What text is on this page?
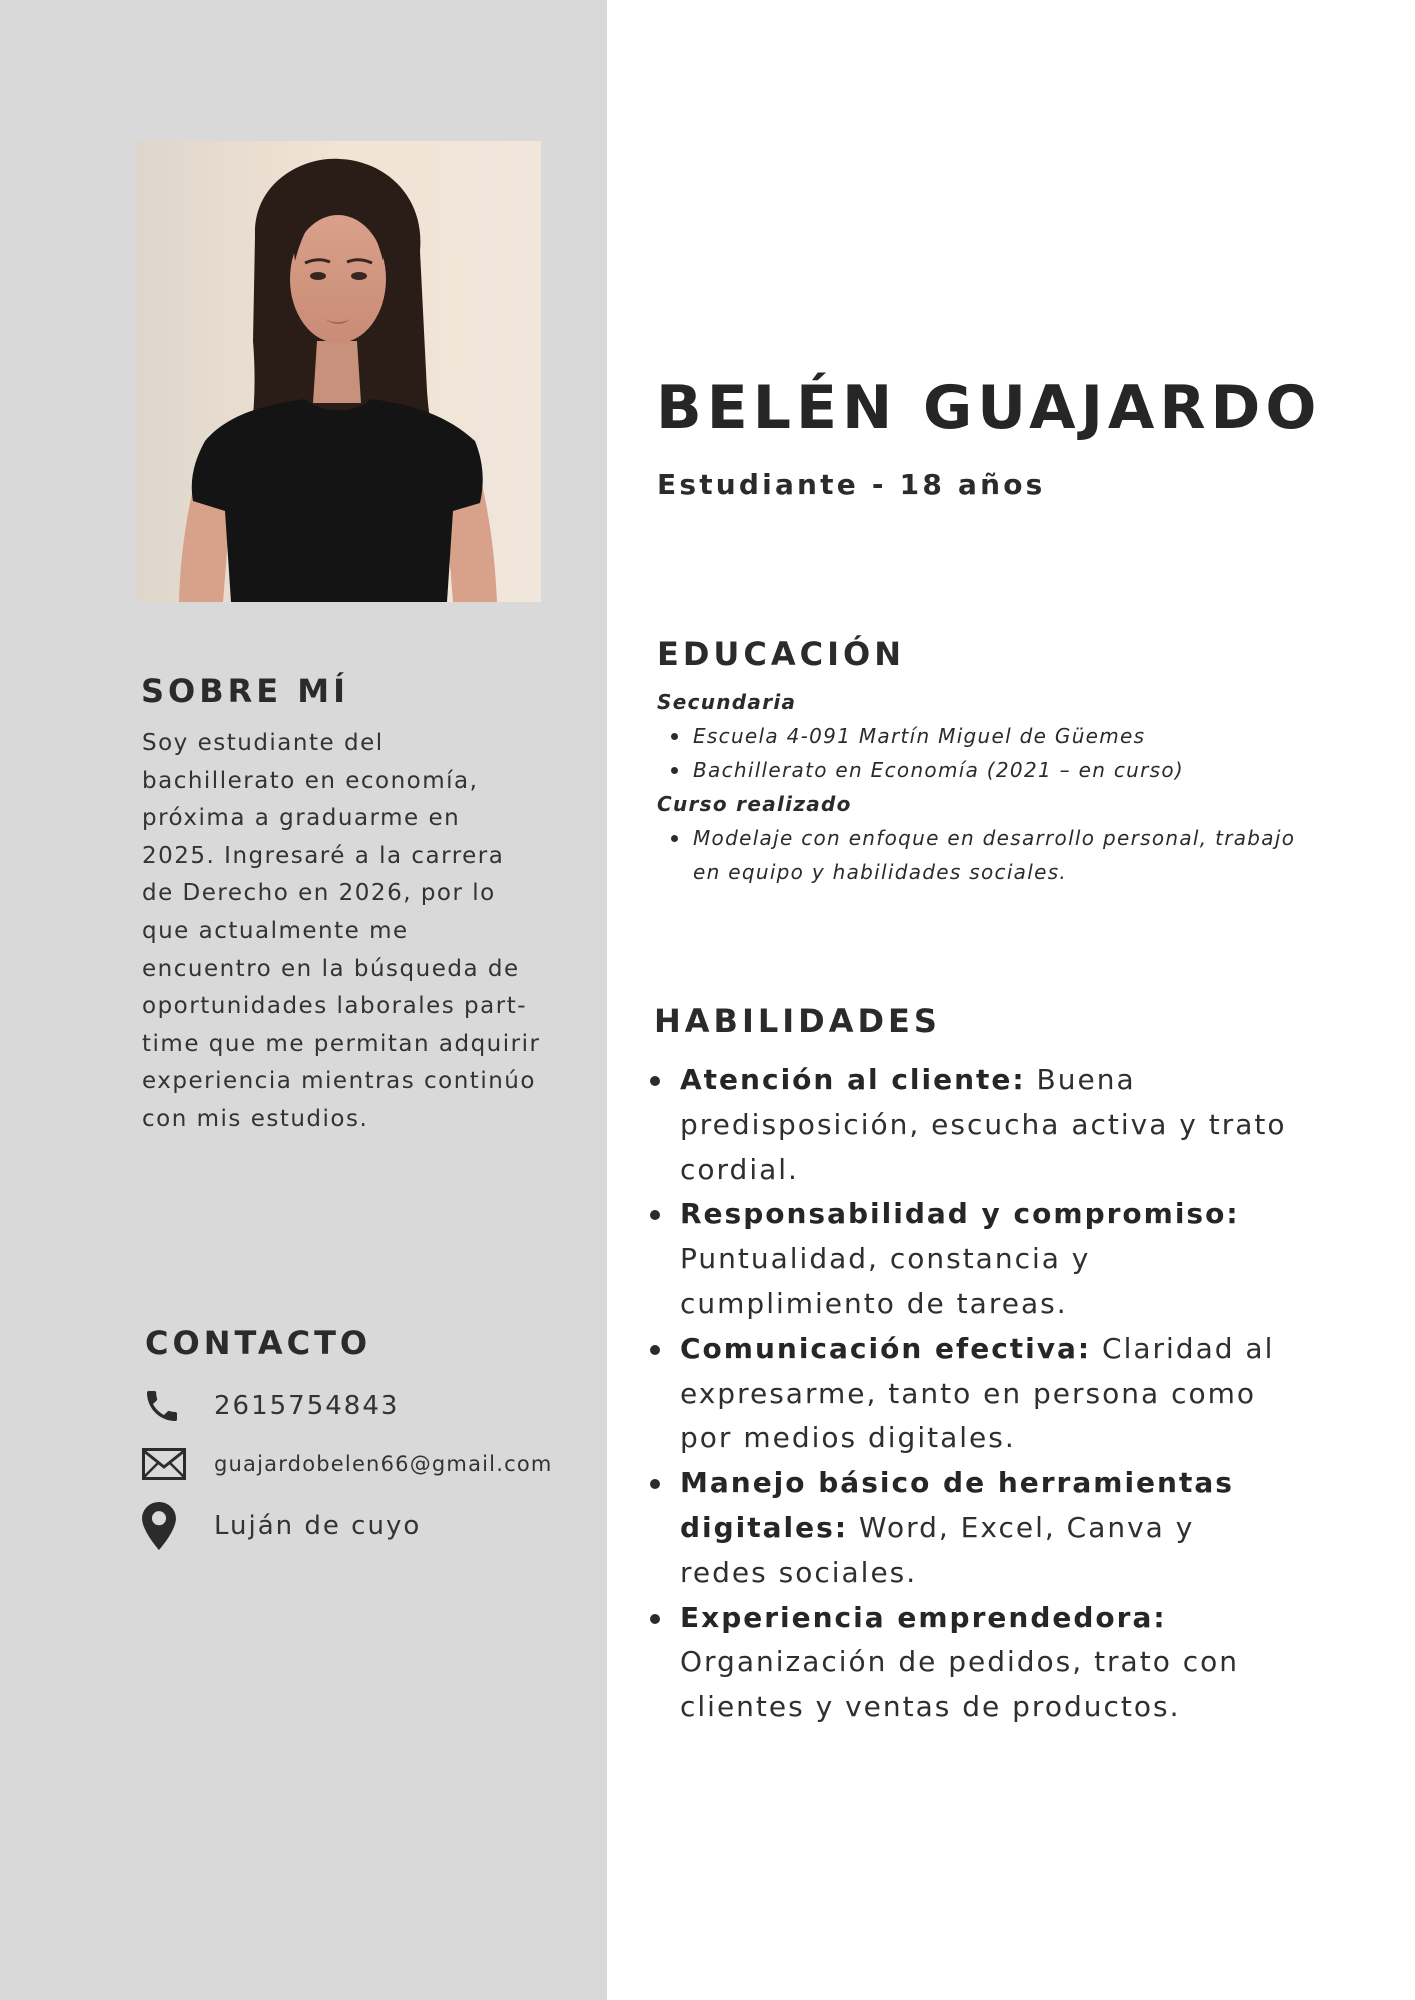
SOBRE MÍ

Soy estudiante del bachillerato en economía, próxima a graduarme en 2025. Ingresaré a la carrera de Derecho en 2026, por lo que actualmente me encuentro en la búsqueda de oportunidades laborales part-time que me permitan adquirir experiencia mientras continúo con mis estudios.

CONTACTO
2615754843
guajardobelen66@gmail.com
Luján de cuyo
BELÉN GUAJARDO
Estudiante - 18 años
EDUCACIÓN

Secundaria

Escuela 4-091 Martín Miguel de Güemes
Bachillerato en Economía (2021 – en curso)

Curso realizado

Modelaje con enfoque en desarrollo personal, trabajo en equipo y habilidades sociales.
HABILIDADES
Atención al cliente: Buena predisposición, escucha activa y trato cordial.
Responsabilidad y compromiso: Puntualidad, constancia y cumplimiento de tareas.
Comunicación efectiva: Claridad al expresarme, tanto en persona como por medios digitales.
Manejo básico de herramientas digitales: Word, Excel, Canva y redes sociales.
Experiencia emprendedora: Organización de pedidos, trato con clientes y ventas de productos.
